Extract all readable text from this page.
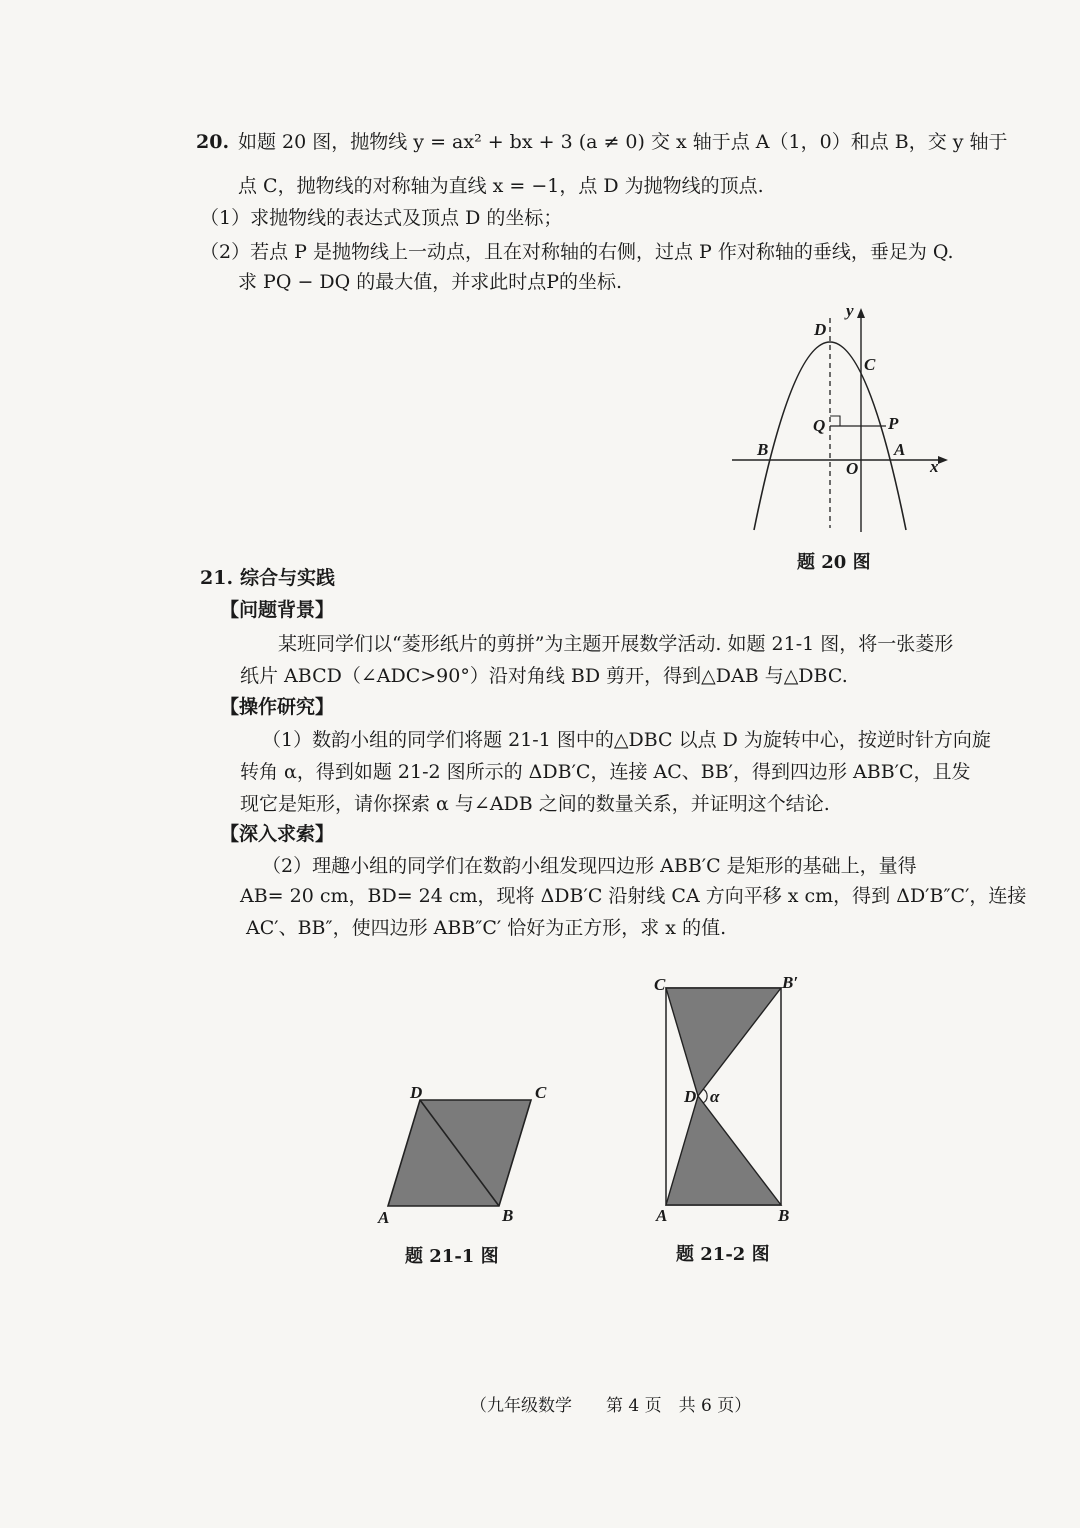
20. 如题 20 图，抛物线 y = ax² + bx + 3 (a ≠ 0) 交 x 轴于点 A（1，0）和点 B，交 y 轴于
点 C，抛物线的对称轴为直线 x = −1，点 D 为抛物线的顶点.
（1）求抛物线的表达式及顶点 D 的坐标；
（2）若点 P 是抛物线上一动点，且在对称轴的右侧，过点 P 作对称轴的垂线，垂足为 Q.
求 PQ − DQ 的最大值，并求此时点P的坐标.
D
y
C
Q	P
B	A
O	x
题 20 图
21. 综合与实践
【问题背景】
某班同学们以“菱形纸片的剪拼”为主题开展数学活动. 如题 21-1 图，将一张菱形
纸片 ABCD（∠ADC>90°）沿对角线 BD 剪开，得到△DAB 与△DBC.
【操作研究】
（1）数韵小组的同学们将题 21-1 图中的△DBC 以点 D 为旋转中心，按逆时针方向旋
转角 α，得到如题 21-2 图所示的 ΔDB′C，连接 AC、BB′，得到四边形 ABB′C，且发
现它是矩形，请你探索 α 与∠ADB 之间的数量关系，并证明这个结论.
【深入求索】
（2）理趣小组的同学们在数韵小组发现四边形 ABB′C 是矩形的基础上，量得
AB= 20 cm，BD= 24 cm，现将 ΔDB′C 沿射线 CA 方向平移 x cm，得到 ΔD′B″C′，连接
AC′、BB″，使四边形 ABB″C′ 恰好为正方形，求 x 的值.
D	C
A	B
题 21-1 图
C	B′
D α
A	B
题 21-2 图
（九年级数学　　第 4 页　共 6 页）
